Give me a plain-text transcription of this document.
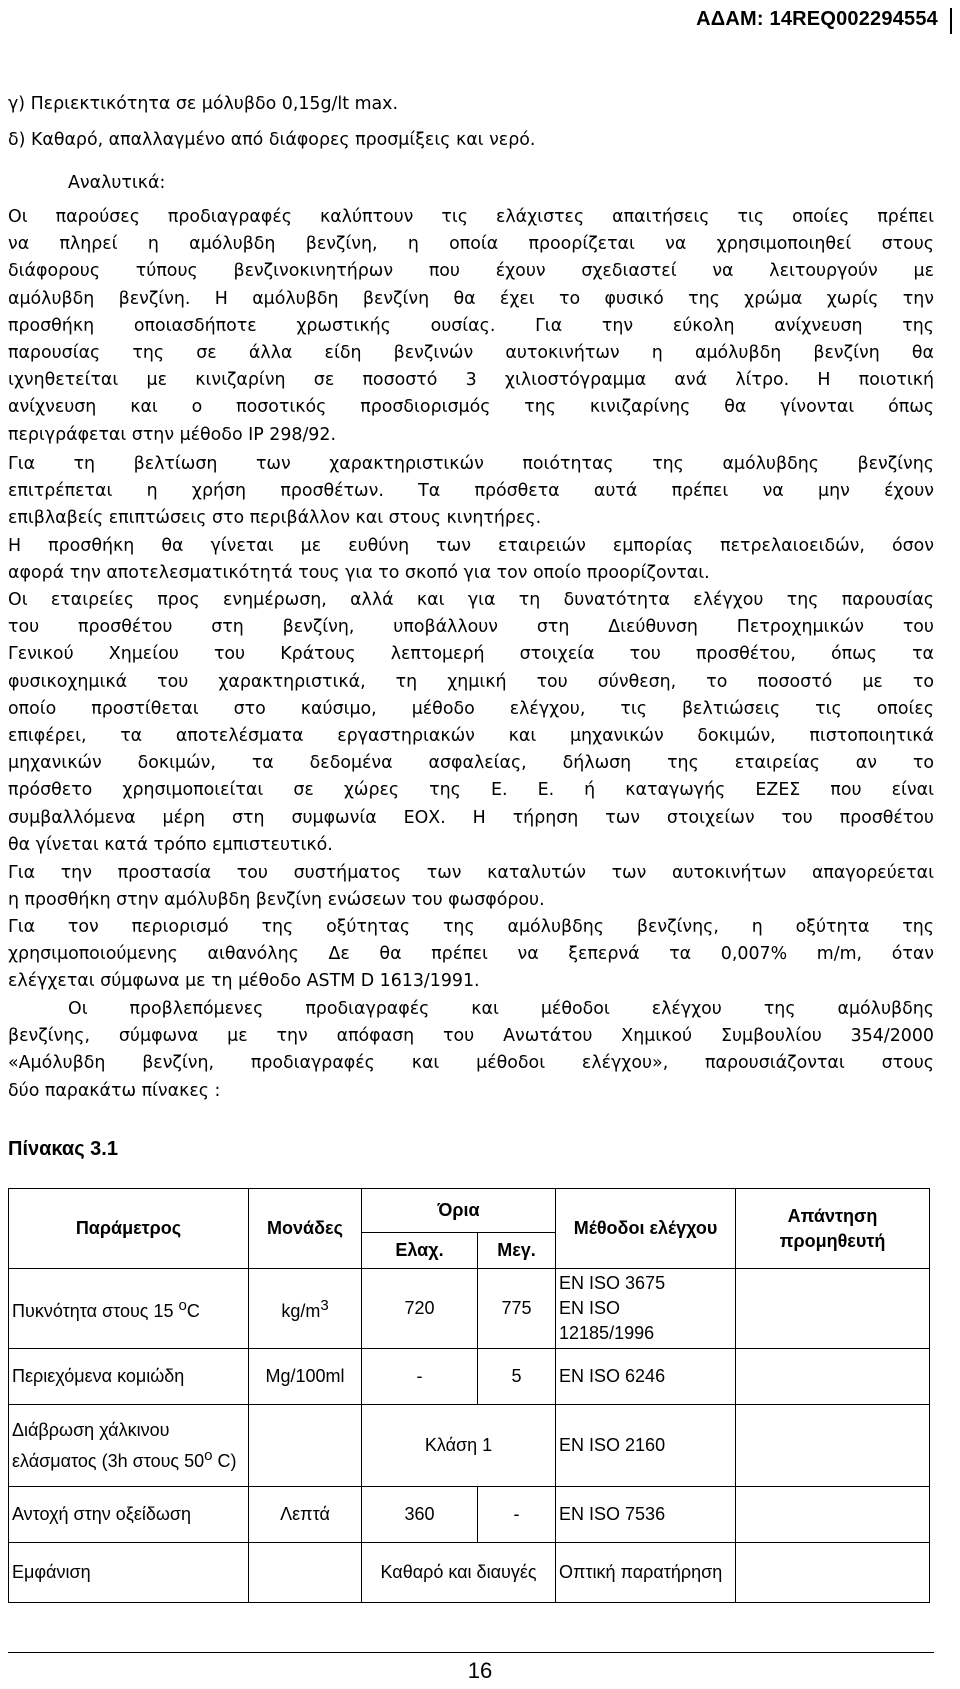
ΑΔΑΜ: 14REQ002294554
γ) Περιεκτικότητα σε μόλυβδο 0,15g/lt max.
δ) Καθαρό, απαλλαγμένο από διάφορες προσμίξεις και νερό.
Αναλυτικά:
Οι παρούσες προδιαγραφές καλύπτουν τις ελάχιστες απαιτήσεις τις οποίες πρέπει
να πληρεί η αμόλυβδη βενζίνη, η οποία προορίζεται να χρησιμοποιηθεί στους
διάφορους τύπους βενζινοκινητήρων που έχουν σχεδιαστεί να λειτουργούν με
αμόλυβδη βενζίνη. Η αμόλυβδη βενζίνη θα έχει το φυσικό της χρώμα χωρίς την
προσθήκη οποιασδήποτε χρωστικής ουσίας. Για την εύκολη ανίχνευση της
παρουσίας της σε άλλα είδη βενζινών αυτοκινήτων η αμόλυβδη βενζίνη θα
ιχνηθετείται με κινιζαρίνη σε ποσοστό 3 χιλιοστόγραμμα ανά λίτρο. Η ποιοτική
ανίχνευση και ο ποσοτικός προσδιορισμός της κινιζαρίνης θα γίνονται όπως
περιγράφεται στην μέθοδο IP 298/92.
Για τη βελτίωση των χαρακτηριστικών ποιότητας της αμόλυβδης βενζίνης
επιτρέπεται η χρήση προσθέτων. Τα πρόσθετα αυτά πρέπει να μην έχουν
επιβλαβείς επιπτώσεις στο περιβάλλον και στους κινητήρες.
Η προσθήκη θα γίνεται με ευθύνη των εταιρειών εμπορίας πετρελαιοειδών, όσον
αφορά την αποτελεσματικότητά τους για το σκοπό για τον οποίο προορίζονται.
Οι εταιρείες προς ενημέρωση, αλλά και για τη δυνατότητα ελέγχου της παρουσίας
του προσθέτου στη βενζίνη, υποβάλλουν στη Διεύθυνση Πετροχημικών του
Γενικού Χημείου του Κράτους λεπτομερή στοιχεία του προσθέτου, όπως τα
φυσικοχημικά του χαρακτηριστικά, τη χημική του σύνθεση, το ποσοστό με το
οποίο προστίθεται στο καύσιμο, μέθοδο ελέγχου, τις βελτιώσεις τις οποίες
επιφέρει, τα αποτελέσματα εργαστηριακών και μηχανικών δοκιμών, πιστοποιητικά
μηχανικών δοκιμών, τα δεδομένα ασφαλείας, δήλωση της εταιρείας αν το
πρόσθετο χρησιμοποιείται σε χώρες της Ε. Ε. ή καταγωγής ΕΖΕΣ που είναι
συμβαλλόμενα μέρη στη συμφωνία ΕΟΧ. Η τήρηση των στοιχείων του προσθέτου
θα γίνεται κατά τρόπο εμπιστευτικό.
Για την προστασία του συστήματος των καταλυτών των αυτοκινήτων απαγορεύεται
η προσθήκη στην αμόλυβδη βενζίνη ενώσεων του φωσφόρου.
Για τον περιορισμό της οξύτητας της αμόλυβδης βενζίνης, η οξύτητα της
χρησιμοποιούμενης αιθανόλης Δε θα πρέπει να ξεπερνά τα 0,007% m/m, όταν
ελέγχεται σύμφωνα με τη μέθοδο ASTM D 1613/1991.
Οι προβλεπόμενες προδιαγραφές και μέθοδοι ελέγχου της αμόλυβδης
βενζίνης, σύμφωνα με την απόφαση του Ανωτάτου Χημικού Συμβουλίου 354/2000
«Αμόλυβδη βενζίνη, προδιαγραφές και μέθοδοι ελέγχου», παρουσιάζονται στους
δύο παρακάτω πίνακες :
Πίνακας 3.1
Παράμετρος	Μονάδες	Όρια		Μέθοδοι ελέγχου	Απάντηση προμηθευτή
		Ελαχ.	Μεγ.		
Πυκνότητα στους 15 $^o$C	$kg/m^3$	720	775	EN ISO 3675
EN ISO
12185/1996	

Περιεχόμενα κομιώδη	Mg/100ml	-	5	EN ISO 6246	
Διάβρωση χάλκινου ελάσματος (3h στους 50$^o$ C)		Κλάση 1		EN ISO 2160	
Αντοχή στην οξείδωση	Λεπτά	360	-	EN ISO 7536	
Εμφάνιση		Καθαρό και διαυγές		Οπτική παρατήρηση	
16
